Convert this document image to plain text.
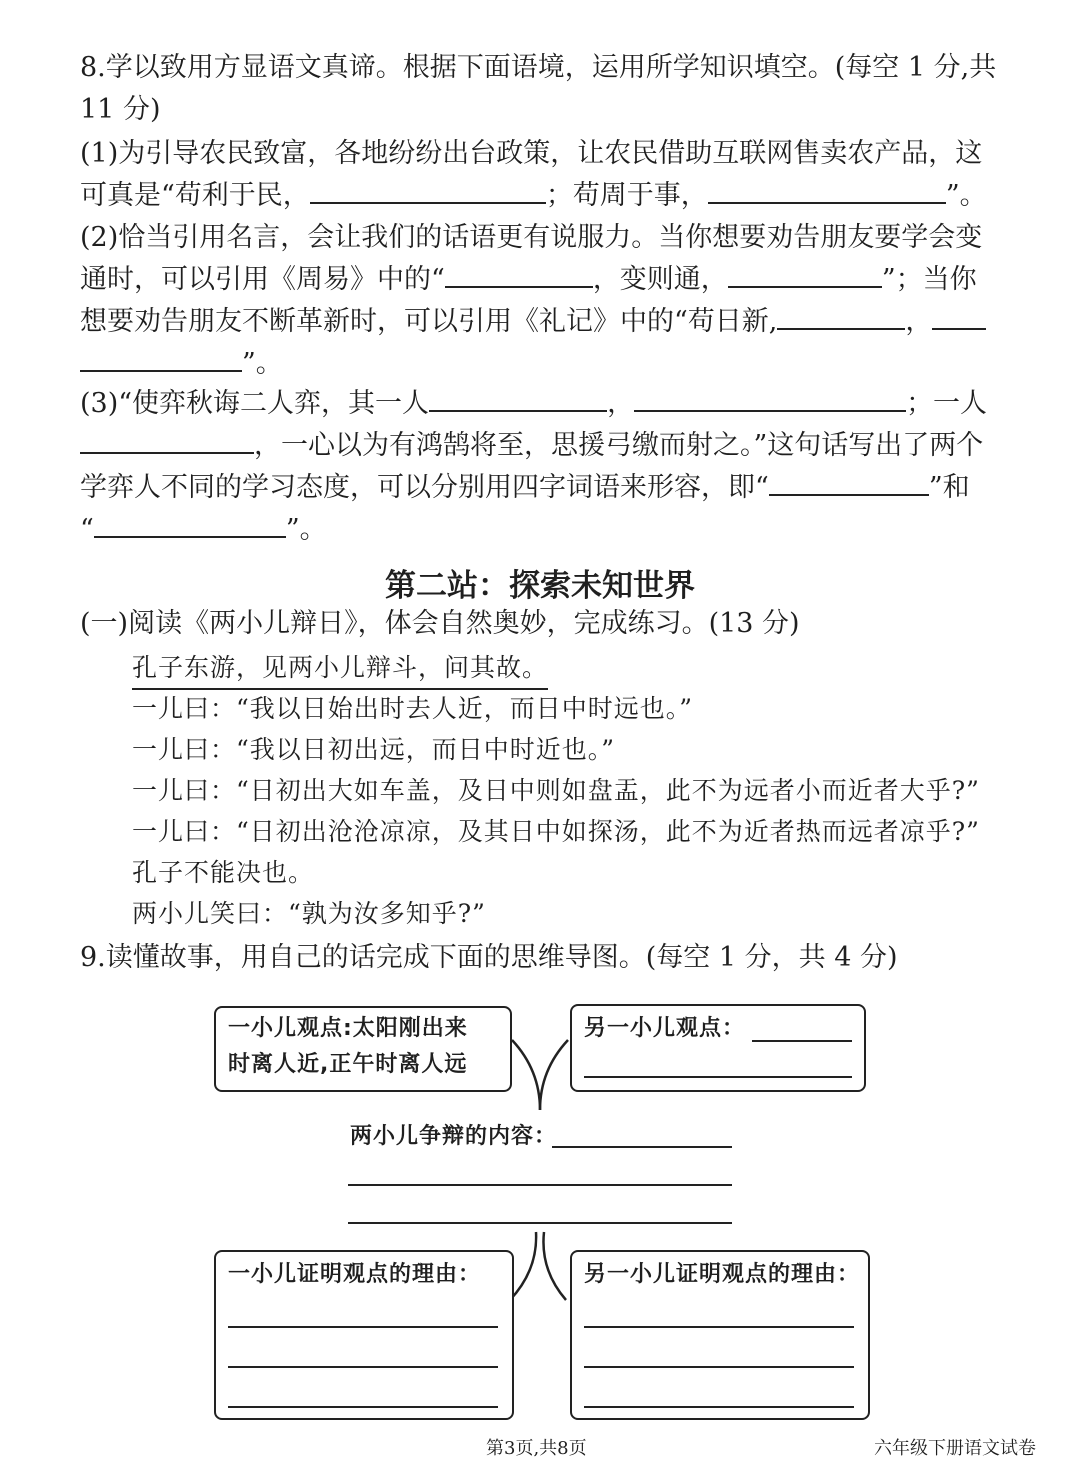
8.学以致用方显语文真谛。根据下面语境，运用所学知识填空。(每空 1 分,共
11 分)
(1)为引导农民致富，各地纷纷出台政策，让农民借助互联网售卖农产品，这
可真是“苟利于民，	；苟周于事，	”。
(2)恰当引用名言，会让我们的话语更有说服力。当你想要劝告朋友要学会变
通时，可以引用《周易》中的“	，变则通，	”；当你
想要劝告朋友不断革新时，可以引用《礼记》中的“苟日新,	，
”。
(3)“使弈秋诲二人弈，其一人	，	；一人
，一心以为有鸿鹄将至，思援弓缴而射之。”这句话写出了两个
学弈人不同的学习态度，可以分别用四字词语来形容，即“	”和
“	”。
第二站：探索未知世界
(一)阅读《两小儿辩日》，体会自然奥妙，完成练习。(13 分)
孔子东游，见两小儿辩斗，问其故。
一儿曰：“我以日始出时去人近，而日中时远也。”
一儿曰：“我以日初出远，而日中时近也。”
一儿曰：“日初出大如车盖，及日中则如盘盂，此不为远者小而近者大乎?”
一儿曰：“日初出沧沧凉凉，及其日中如探汤，此不为近者热而远者凉乎?”
孔子不能决也。
两小儿笑曰：“孰为汝多知乎?”
9.读懂故事，用自己的话完成下面的思维导图。(每空 1 分，共 4 分)
一小儿观点:太阳刚出来
时离人近,正午时离人远
另一小儿观点：
两小儿争辩的内容：
一小儿证明观点的理由：	另一小儿证明观点的理由：
第3页,共8页	六年级下册语文试卷
